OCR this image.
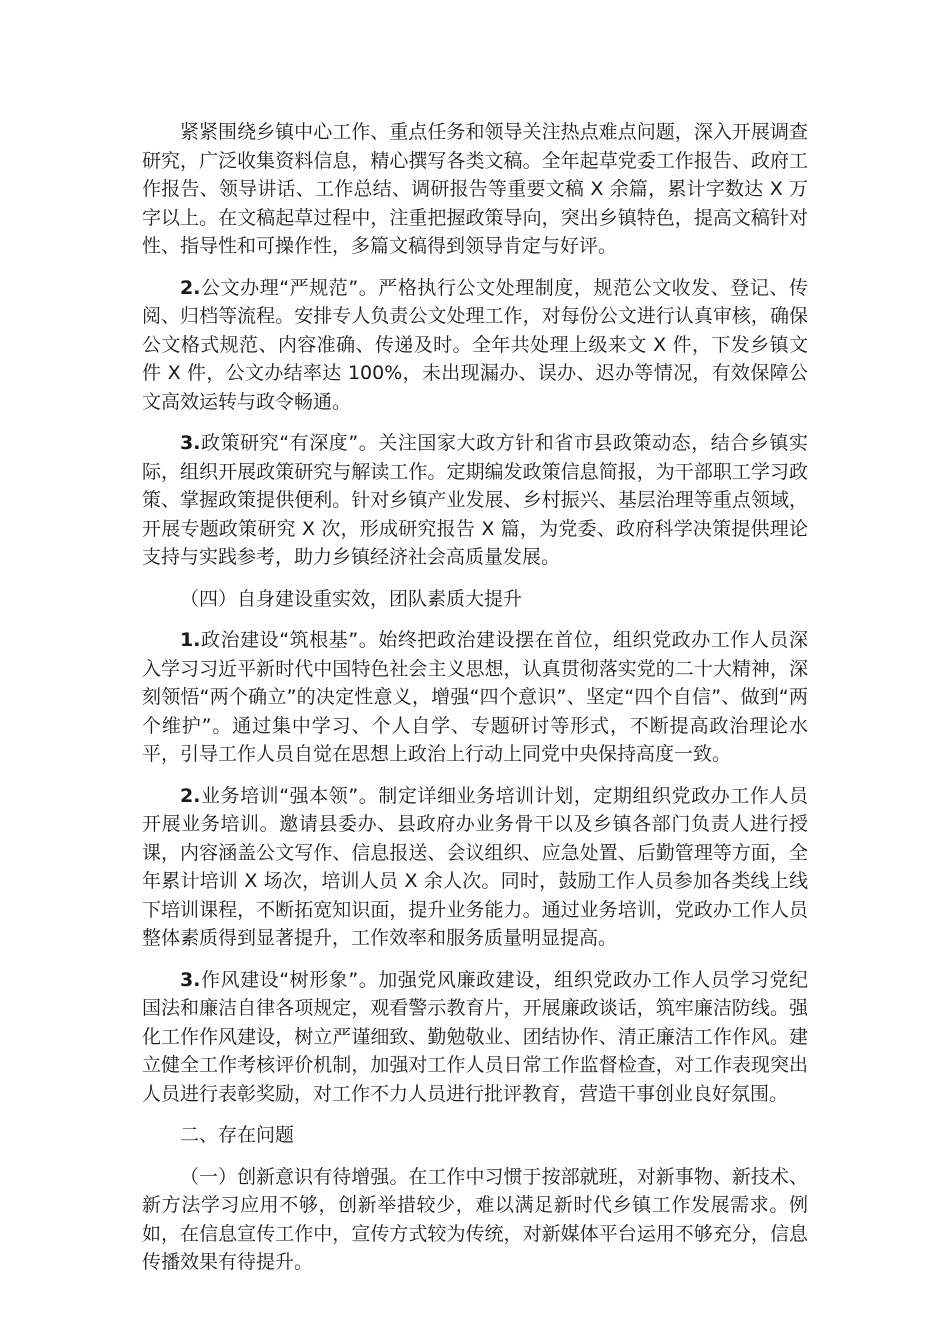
紧紧围绕乡镇中心工作、重点任务和领导关注热点难点问题，深入开展调查研究，广泛收集资料信息，精心撰写各类文稿。全年起草党委工作报告、政府工作报告、领导讲话、工作总结、调研报告等重要文稿 X 余篇，累计字数达 X 万字以上。在文稿起草过程中，注重把握政策导向，突出乡镇特色，提高文稿针对性、指导性和可操作性，多篇文稿得到领导肯定与好评。

2.公文办理“严规范”。严格执行公文处理制度，规范公文收发、登记、传阅、归档等流程。安排专人负责公文处理工作，对每份公文进行认真审核，确保公文格式规范、内容准确、传递及时。全年共处理上级来文 X 件，下发乡镇文件 X 件，公文办结率达 100%，未出现漏办、误办、迟办等情况，有效保障公文高效运转与政令畅通。

3.政策研究“有深度”。关注国家大政方针和省市县政策动态，结合乡镇实际，组织开展政策研究与解读工作。定期编发政策信息简报，为干部职工学习政策、掌握政策提供便利。针对乡镇产业发展、乡村振兴、基层治理等重点领域，开展专题政策研究 X 次，形成研究报告 X 篇，为党委、政府科学决策提供理论支持与实践参考，助力乡镇经济社会高质量发展。

（四）自身建设重实效，团队素质大提升

1.政治建设“筑根基”。始终把政治建设摆在首位，组织党政办工作人员深入学习习近平新时代中国特色社会主义思想，认真贯彻落实党的二十大精神，深刻领悟“两个确立”的决定性意义，增强“四个意识”、坚定“四个自信”、做到“两个维护”。通过集中学习、个人自学、专题研讨等形式，不断提高政治理论水平，引导工作人员自觉在思想上政治上行动上同党中央保持高度一致。

2.业务培训“强本领”。制定详细业务培训计划，定期组织党政办工作人员开展业务培训。邀请县委办、县政府办业务骨干以及乡镇各部门负责人进行授课，内容涵盖公文写作、信息报送、会议组织、应急处置、后勤管理等方面，全年累计培训 X 场次，培训人员 X 余人次。同时，鼓励工作人员参加各类线上线下培训课程，不断拓宽知识面，提升业务能力。通过业务培训，党政办工作人员整体素质得到显著提升，工作效率和服务质量明显提高。

3.作风建设“树形象”。加强党风廉政建设，组织党政办工作人员学习党纪国法和廉洁自律各项规定，观看警示教育片，开展廉政谈话，筑牢廉洁防线。强化工作作风建设，树立严谨细致、勤勉敬业、团结协作、清正廉洁工作作风。建立健全工作考核评价机制，加强对工作人员日常工作监督检查，对工作表现突出人员进行表彰奖励，对工作不力人员进行批评教育，营造干事创业良好氛围。

二、存在问题

（一）创新意识有待增强。在工作中习惯于按部就班，对新事物、新技术、新方法学习应用不够，创新举措较少，难以满足新时代乡镇工作发展需求。例如，在信息宣传工作中，宣传方式较为传统，对新媒体平台运用不够充分，信息传播效果有待提升。
